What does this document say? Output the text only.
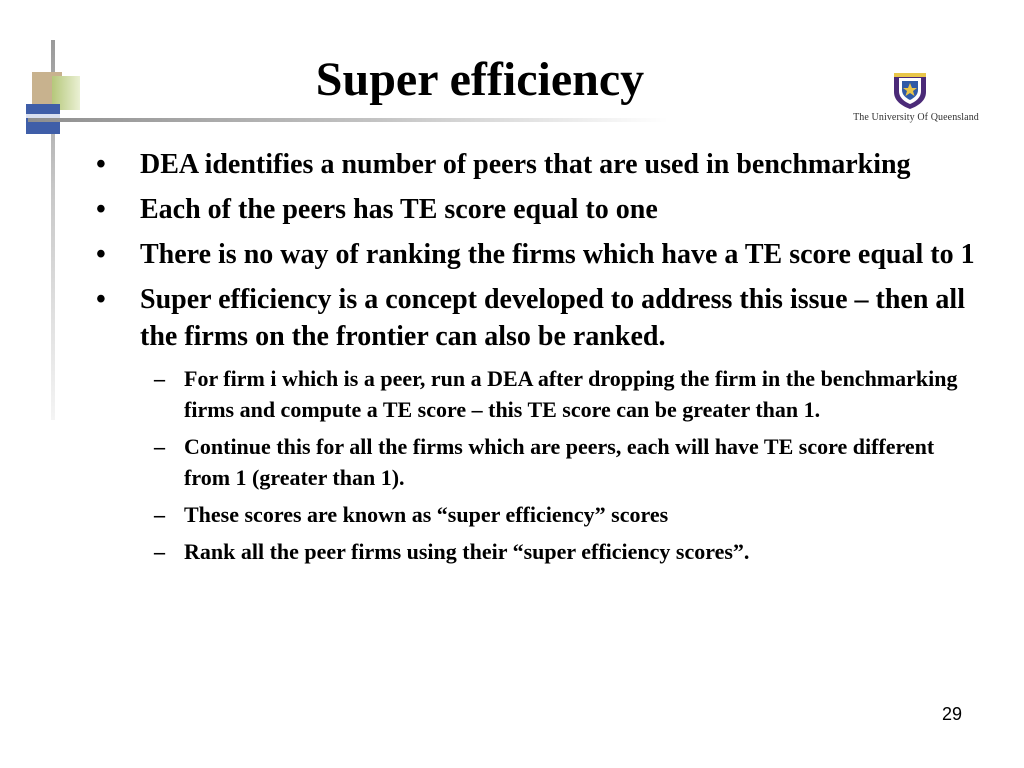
Super efficiency
The University Of Queensland
•	DEA identifies a number of peers that are used in benchmarking
•	Each of the peers has TE score equal to one
•	There is no way of ranking the firms which have a TE score equal to 1
•	Super efficiency is a concept developed to address this issue – then all the firms on the frontier can also be ranked.
– For firm i which is a peer, run a DEA after dropping the firm in the benchmarking firms and compute a TE score – this TE score can be greater than 1.
– Continue this for all the firms which are peers, each will have TE score different from 1 (greater than 1).
– These scores are known as “super efficiency” scores
– Rank all the peer firms using their “super efficiency scores”.
29
